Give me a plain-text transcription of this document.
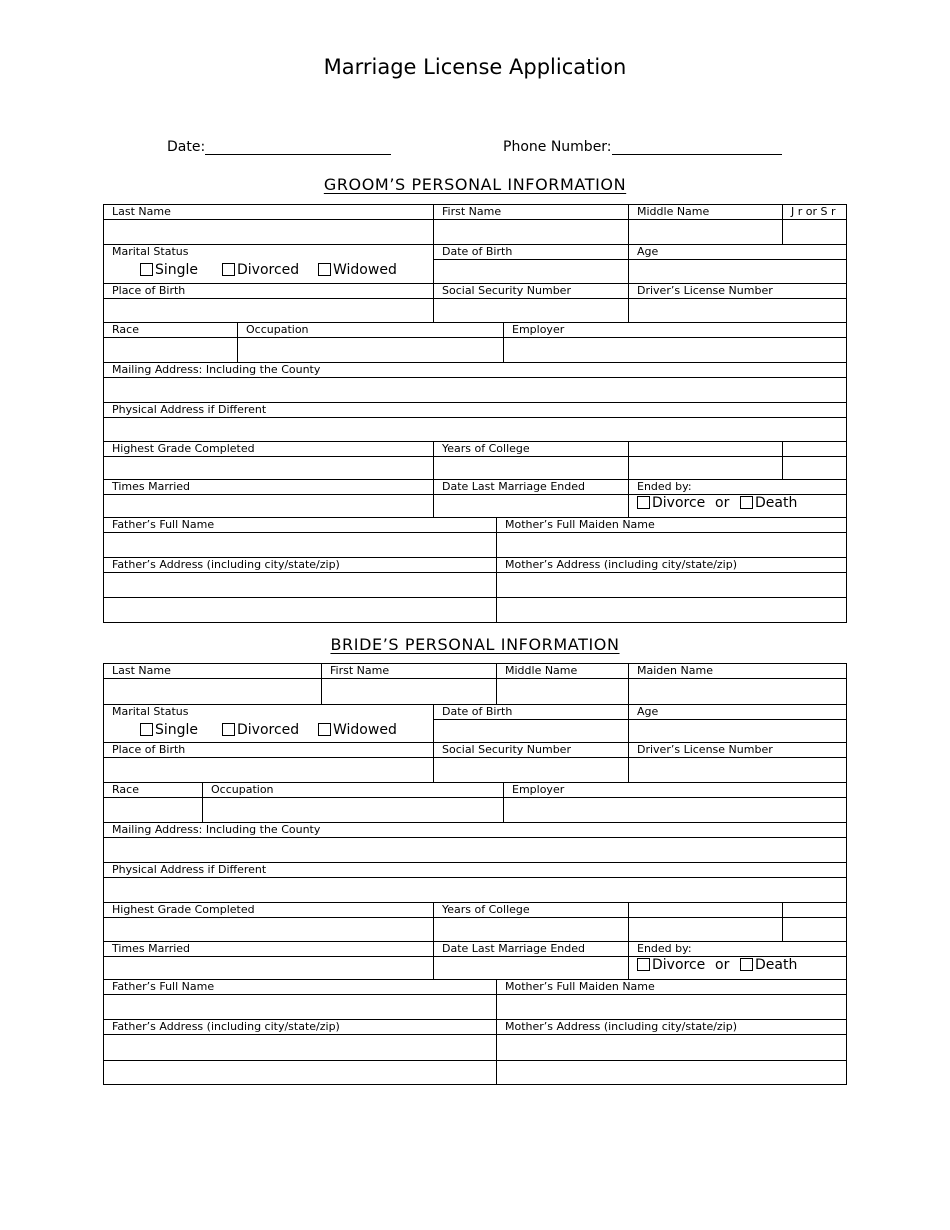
Marriage License Application
Date:	Phone Number:
GROOM’S PERSONAL INFORMATION
Last Name	First Name	Middle Name	J r or S r
Marital Status	Date of Birth	Age
Single	Divorced	Widowed
Place of Birth	Social Security Number	Driver’s License Number
Race	Occupation	Employer
Mailing Address: Including the County
Physical Address if Different
Highest Grade Completed	Years of College
Times Married	Date Last Marriage Ended	Ended by:
Divorce or	Death
Father’s Full Name	Mother’s Full Maiden Name
Father’s Address (including city/state/zip)	Mother’s Address (including city/state/zip)
BRIDE’S PERSONAL INFORMATION
Last Name	First Name	Middle Name	Maiden Name
Marital Status	Date of Birth	Age
Single	Divorced	Widowed
Place of Birth	Social Security Number	Driver’s License Number
Race	Occupation	Employer
Mailing Address: Including the County
Physical Address if Different
Highest Grade Completed	Years of College
Times Married	Date Last Marriage Ended	Ended by:
Divorce or	Death
Father’s Full Name	Mother’s Full Maiden Name
Father’s Address (including city/state/zip)	Mother’s Address (including city/state/zip)
